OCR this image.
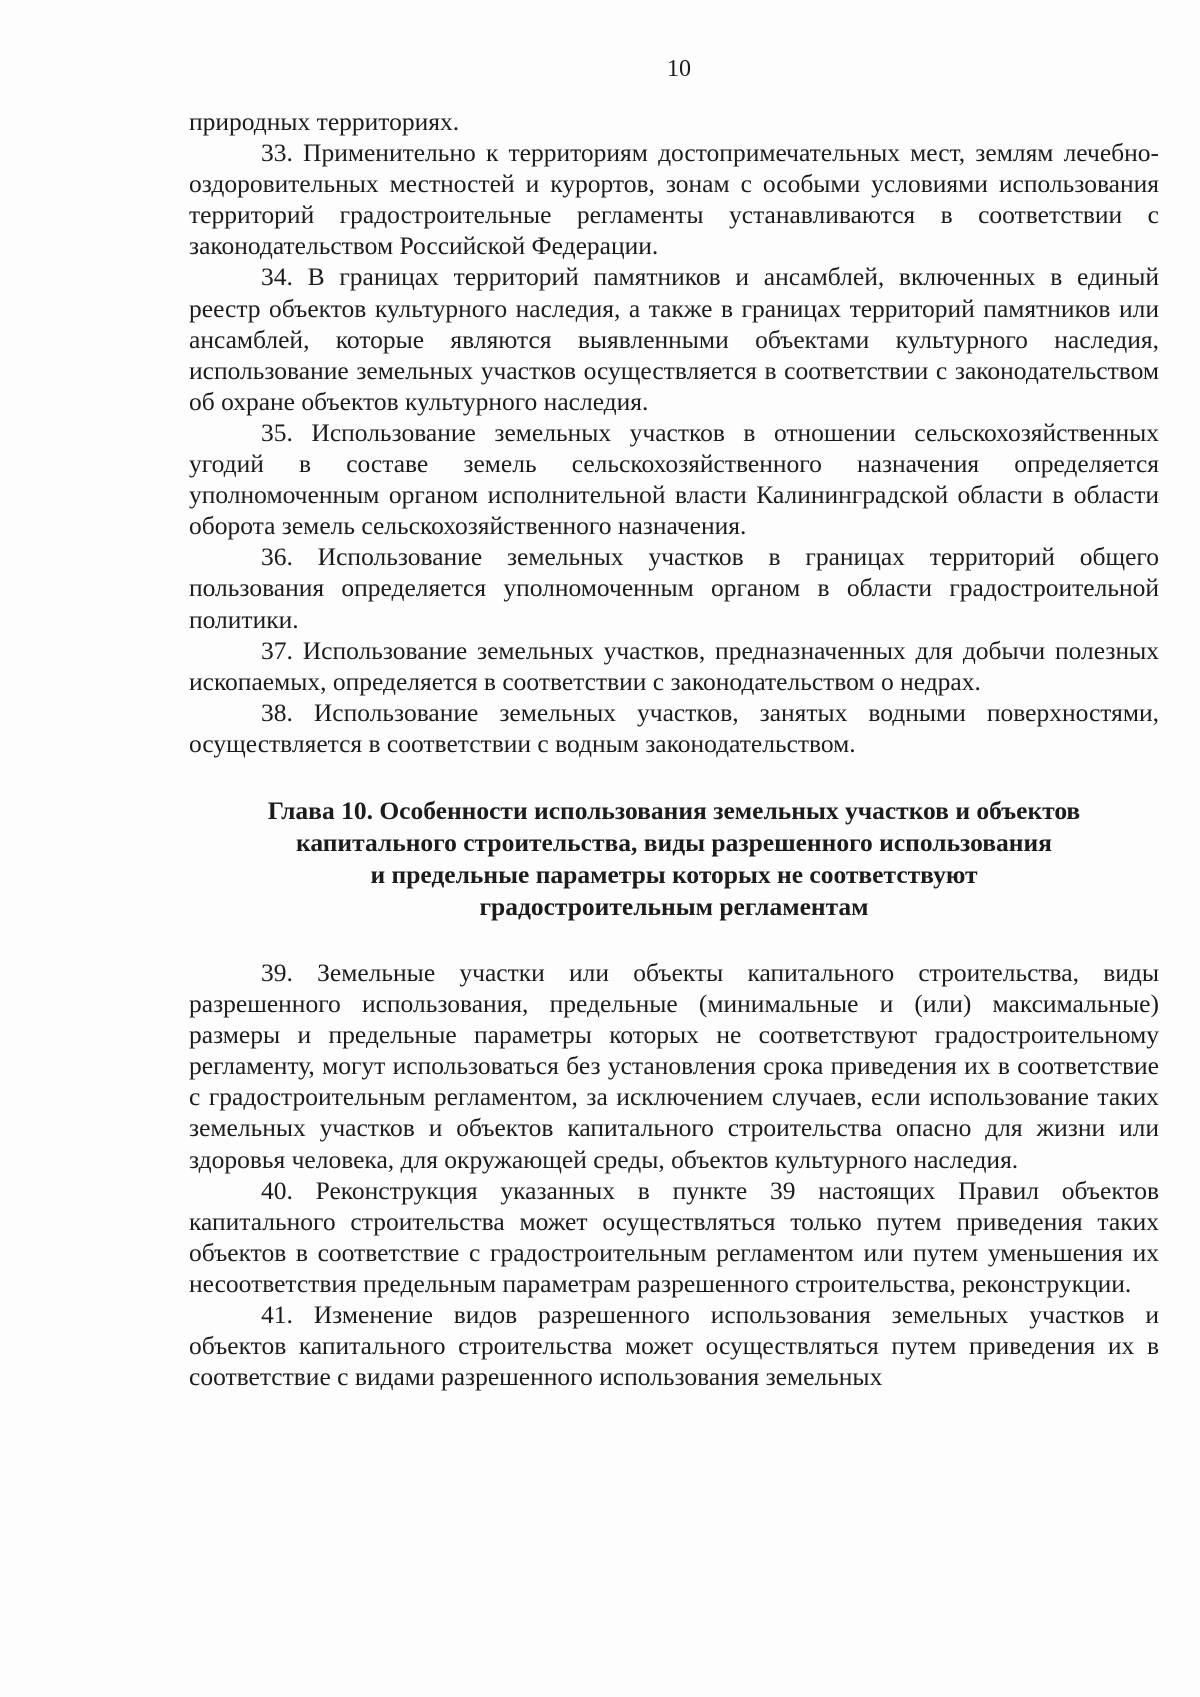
10

природных территориях.

33. Применительно к территориям достопримечательных мест, землям лечебно-оздоровительных местностей и курортов, зонам с особыми условиями использования территорий градостроительные регламенты устанавливаются в соответствии с законодательством Российской Федерации.

34. В границах территорий памятников и ансамблей, включенных в единый реестр объектов культурного наследия, а также в границах территорий памятников или ансамблей, которые являются выявленными объектами культурного наследия, использование земельных участков осуществляется в соответствии с законодательством об охране объектов культурного наследия.

35. Использование земельных участков в отношении сельскохозяйственных угодий в составе земель сельскохозяйственного назначения определяется уполномоченным органом исполнительной власти Калининградской области в области оборота земель сельскохозяйственного назначения.

36. Использование земельных участков в границах территорий общего пользования определяется уполномоченным органом в области градостроительной политики.

37. Использование земельных участков, предназначенных для добычи полезных ископаемых, определяется в соответствии с законодательством о недрах.

38. Использование земельных участков, занятых водными поверхностями, осуществляется в соответствии с водным законодательством.

Глава 10. Особенности использования земельных участков и объектов
капитального строительства, виды разрешенного использования
и предельные параметры которых не соответствуют
градостроительным регламентам

39. Земельные участки или объекты капитального строительства, виды разрешенного использования, предельные (минимальные и (или) максимальные) размеры и предельные параметры которых не соответствуют градостроительному регламенту, могут использоваться без установления срока приведения их в соответствие с градостроительным регламентом, за исключением случаев, если использование таких земельных участков и объектов капитального строительства опасно для жизни или здоровья человека, для окружающей среды, объектов культурного наследия.

40. Реконструкция указанных в пункте 39 настоящих Правил объектов капитального строительства может осуществляться только путем приведения таких объектов в соответствие с градостроительным регламентом или путем уменьшения их несоответствия предельным параметрам разрешенного строительства, реконструкции.

41. Изменение видов разрешенного использования земельных участков и объектов капитального строительства может осуществляться путем приведения их в соответствие с видами разрешенного использования земельных
